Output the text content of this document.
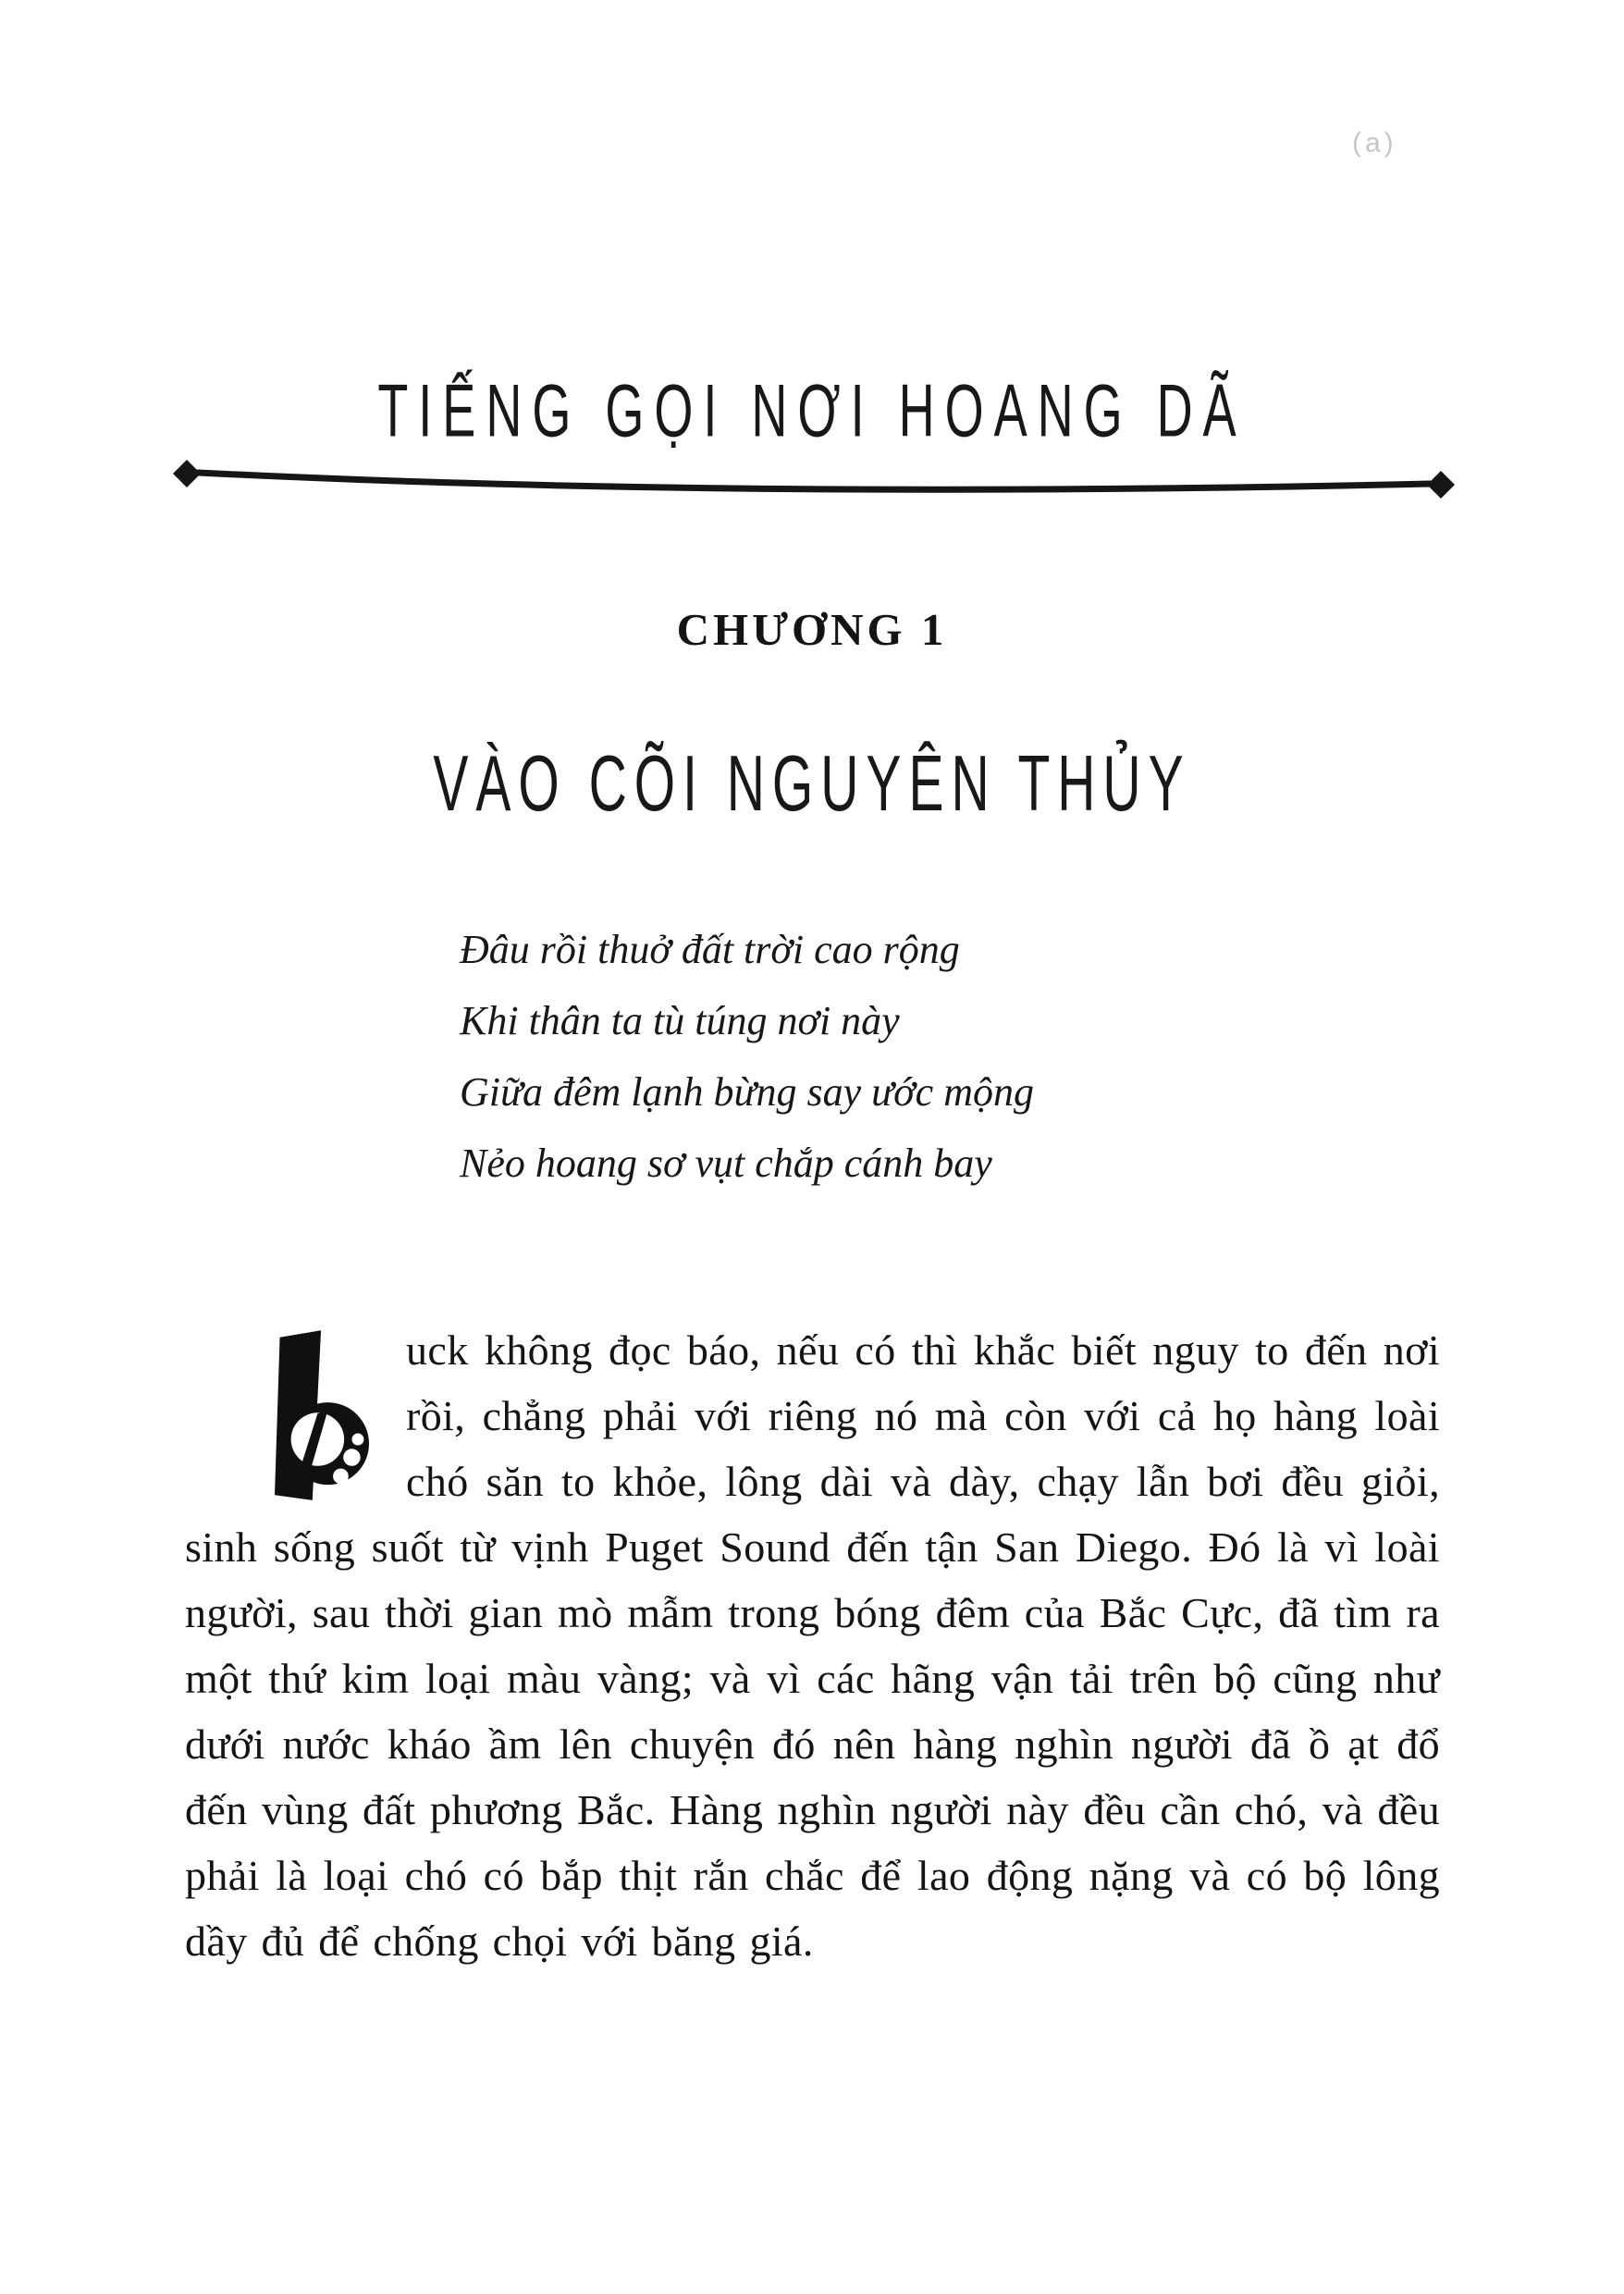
(a)
TIẾNG GỌI NƠI HOANG DÃ
CHƯƠNG 1
VÀO CÕI NGUYÊN THỦY
Đâu rồi thuở đất trời cao rộng
Khi thân ta tù túng nơi này
Giữa đêm lạnh bừng say ước mộng
Nẻo hoang sơ vụt chắp cánh bay
uck không đọc báo, nếu có thì khắc biết nguy to đến nơi rồi, chẳng phải với riêng nó mà còn với cả họ hàng loài chó săn to khỏe, lông dài và dày, chạy lẫn bơi đều giỏi, sinh sống suốt từ vịnh Puget Sound đến tận San Diego. Đó là vì loài người, sau thời gian mò mẫm trong bóng đêm của Bắc Cực, đã tìm ra một thứ kim loại màu vàng; và vì các hãng vận tải trên bộ cũng như dưới nước kháo ầm lên chuyện đó nên hàng nghìn người đã ồ ạt đổ đến vùng đất phương Bắc. Hàng nghìn người này đều cần chó, và đều phải là loại chó có bắp thịt rắn chắc để lao động nặng và có bộ lông dầy đủ để chống chọi với băng giá.
